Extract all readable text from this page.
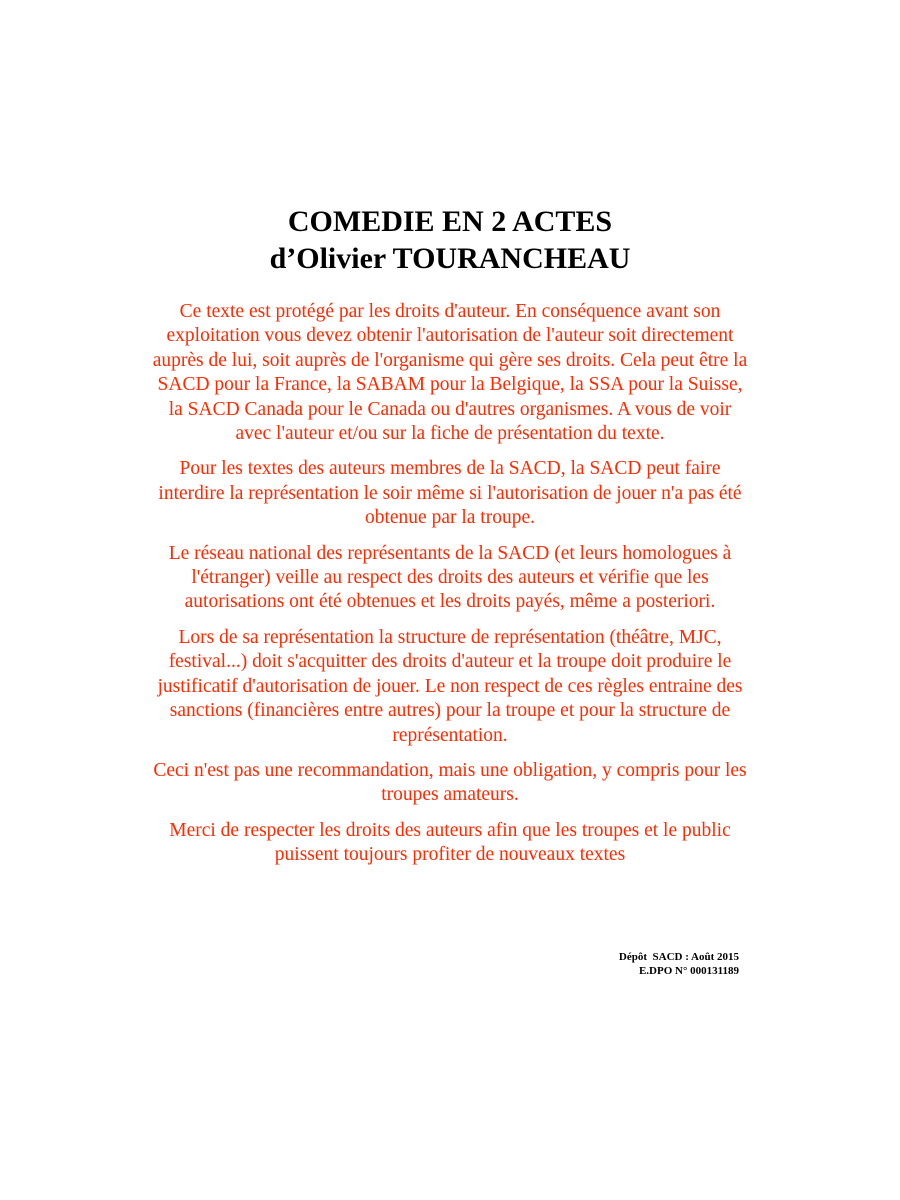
COMEDIE EN 2 ACTES
d’Olivier TOURANCHEAU

Ce texte est protégé par les droits d'auteur. En conséquence avant son exploitation vous devez obtenir l'autorisation de l'auteur soit directement auprès de lui, soit auprès de l'organisme qui gère ses droits. Cela peut être la SACD pour la France, la SABAM pour la Belgique, la SSA pour la Suisse, la SACD Canada pour le Canada ou d'autres organismes. A vous de voir avec l'auteur et/ou sur la fiche de présentation du texte.

Pour les textes des auteurs membres de la SACD, la SACD peut faire interdire la représentation le soir même si l'autorisation de jouer n'a pas été obtenue par la troupe.

Le réseau national des représentants de la SACD (et leurs homologues à l'étranger) veille au respect des droits des auteurs et vérifie que les autorisations ont été obtenues et les droits payés, même a posteriori.

Lors de sa représentation la structure de représentation (théâtre, MJC, festival...) doit s'acquitter des droits d'auteur et la troupe doit produire le justificatif d'autorisation de jouer. Le non respect de ces règles entraine des sanctions (financières entre autres) pour la troupe et pour la structure de représentation.

Ceci n'est pas une recommandation, mais une obligation, y compris pour les troupes amateurs.

Merci de respecter les droits des auteurs afin que les troupes et le public puissent toujours profiter de nouveaux textes

Dépôt  SACD : Août 2015
E.DPO N° 000131189
